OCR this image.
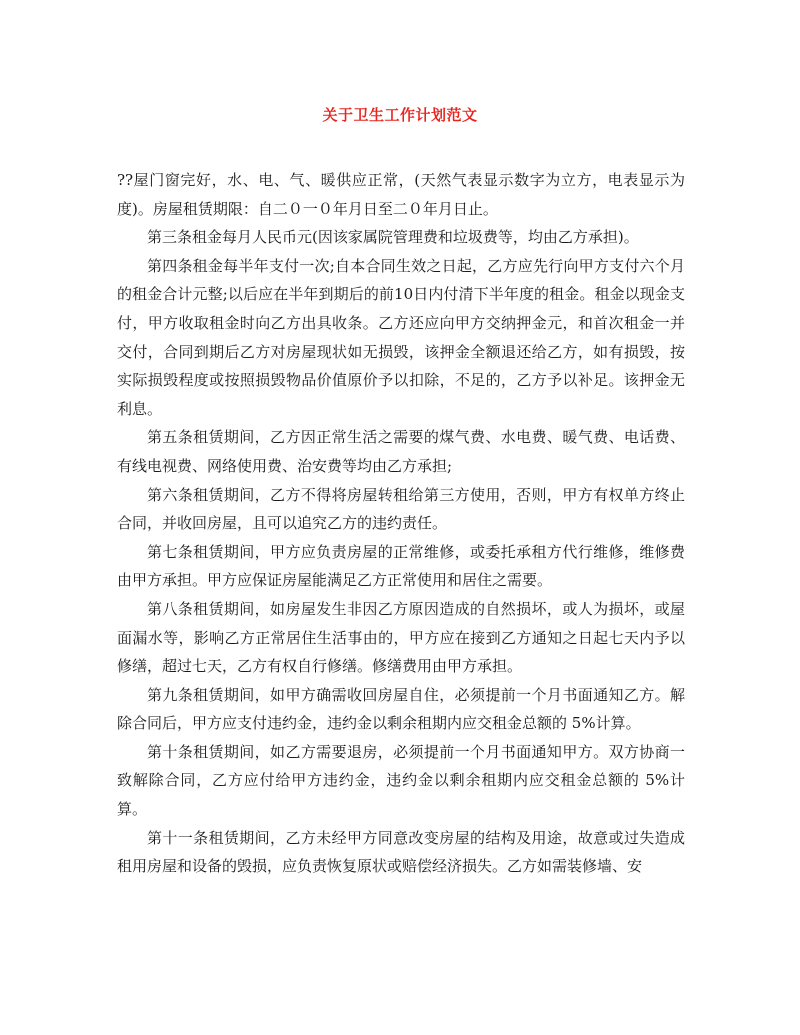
关于卫生工作计划范文

??屋门窗完好，水、电、气、暖供应正常，(天然气表显示数字为立方，电表显示为度)。房屋租赁期限：自二０一０年月日至二０年月日止。

第三条租金每月人民币元(因该家属院管理费和垃圾费等，均由乙方承担)。

第四条租金每半年支付一次;自本合同生效之日起，乙方应先行向甲方支付六个月的租金合计元整;以后应在半年到期后的前10日内付清下半年度的租金。租金以现金支付，甲方收取租金时向乙方出具收条。乙方还应向甲方交纳押金元，和首次租金一并交付，合同到期后乙方对房屋现状如无损毁，该押金全额退还给乙方，如有损毁，按实际损毁程度或按照损毁物品价值原价予以扣除，不足的，乙方予以补足。该押金无利息。

第五条租赁期间，乙方因正常生活之需要的煤气费、水电费、暖气费、电话费、有线电视费、网络使用费、治安费等均由乙方承担;

第六条租赁期间，乙方不得将房屋转租给第三方使用，否则，甲方有权单方终止合同，并收回房屋，且可以追究乙方的违约责任。

第七条租赁期间，甲方应负责房屋的正常维修，或委托承租方代行维修，维修费由甲方承担。甲方应保证房屋能满足乙方正常使用和居住之需要。

第八条租赁期间，如房屋发生非因乙方原因造成的自然损坏，或人为损坏，或屋面漏水等，影响乙方正常居住生活事由的，甲方应在接到乙方通知之日起七天内予以修缮，超过七天，乙方有权自行修缮。修缮费用由甲方承担。

第九条租赁期间，如甲方确需收回房屋自住，必须提前一个月书面通知乙方。解除合同后，甲方应支付违约金，违约金以剩余租期内应交租金总额的 5%计算。

第十条租赁期间，如乙方需要退房，必须提前一个月书面通知甲方。双方协商一致解除合同，乙方应付给甲方违约金，违约金以剩余租期内应交租金总额的 5%计算。

第十一条租赁期间，乙方未经甲方同意改变房屋的结构及用途，故意或过失造成租用房屋和设备的毁损，应负责恢复原状或赔偿经济损失。乙方如需装修墙、安
